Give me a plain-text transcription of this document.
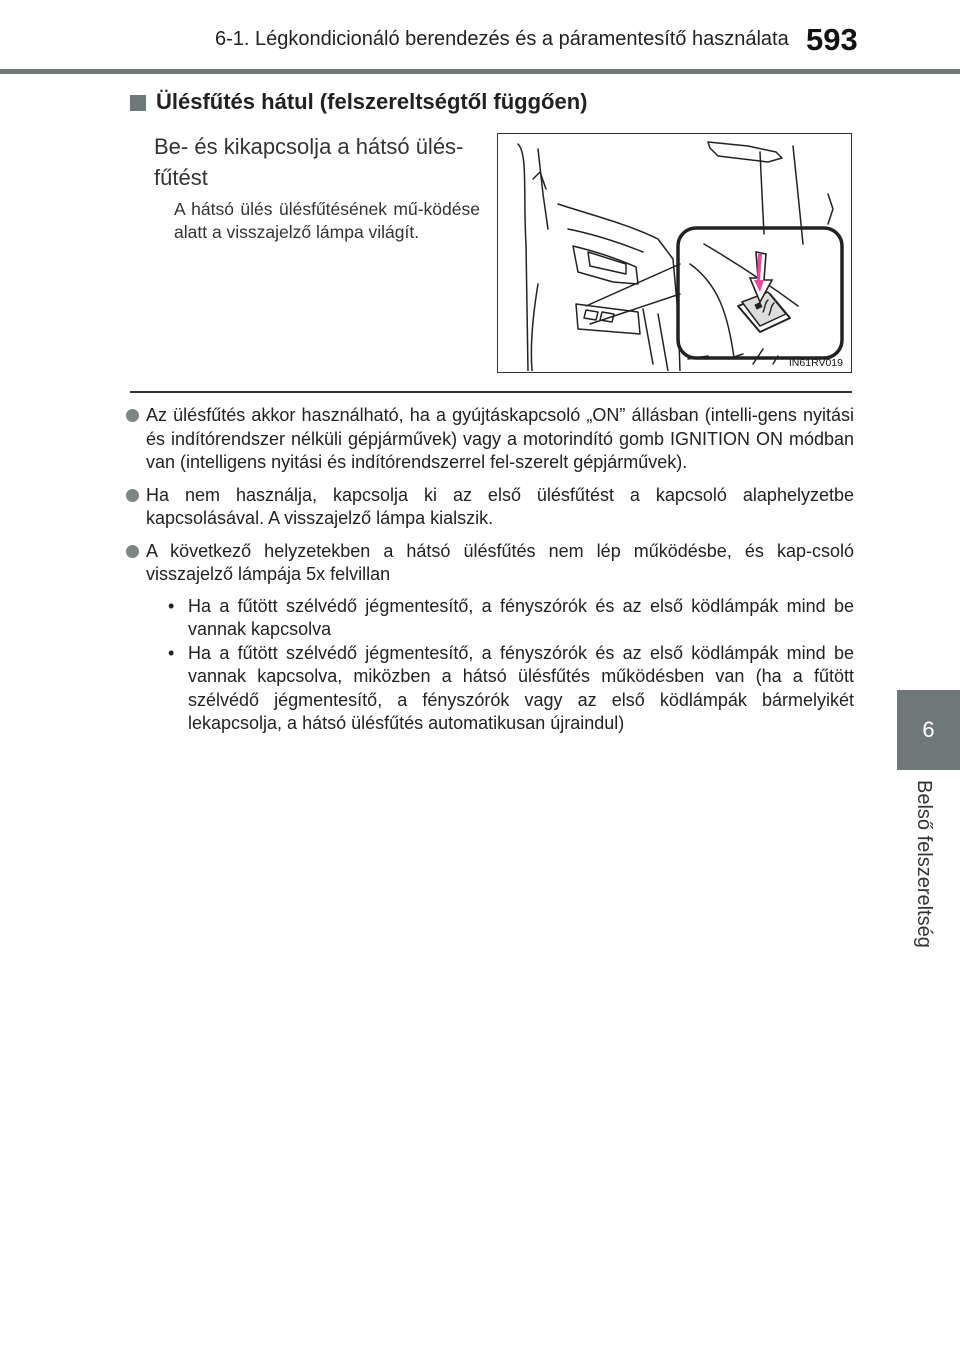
6-1. Légkondicionáló berendezés és a páramentesítő használata 593
6
Belső felszereltség
Ülésfűtés hátul (felszereltségtől függően)
Be- és kikapcsolja a hátsó ülés-fűtést
A hátsó ülés ülésfűtésének mű-ködése alatt a visszajelző lámpa világít.
IN61RV019
Az ülésfűtés akkor használható, ha a gyújtáskapcsoló „ON” állásban (intelli-gens nyitási és indítórendszer nélküli gépjárművek) vagy a motorindító gomb IGNITION ON módban van (intelligens nyitási és indítórendszerrel fel-szerelt gépjárművek).
Ha nem használja, kapcsolja ki az első ülésfűtést a kapcsoló alaphelyzetbe kapcsolásával. A visszajelző lámpa kialszik.
A következő helyzetekben a hátsó ülésfűtés nem lép működésbe, és kap-csoló visszajelző lámpája 5x felvillan
• Ha a fűtött szélvédő jégmentesítő, a fényszórók és az első ködlámpák mind be vannak kapcsolva
• Ha a fűtött szélvédő jégmentesítő, a fényszórók és az első ködlámpák mind be vannak kapcsolva, miközben a hátsó ülésfűtés működésben van (ha a fűtött szélvédő jégmentesítő, a fényszórók vagy az első ködlámpák bármelyikét lekapcsolja, a hátsó ülésfűtés automatikusan újraindul)
